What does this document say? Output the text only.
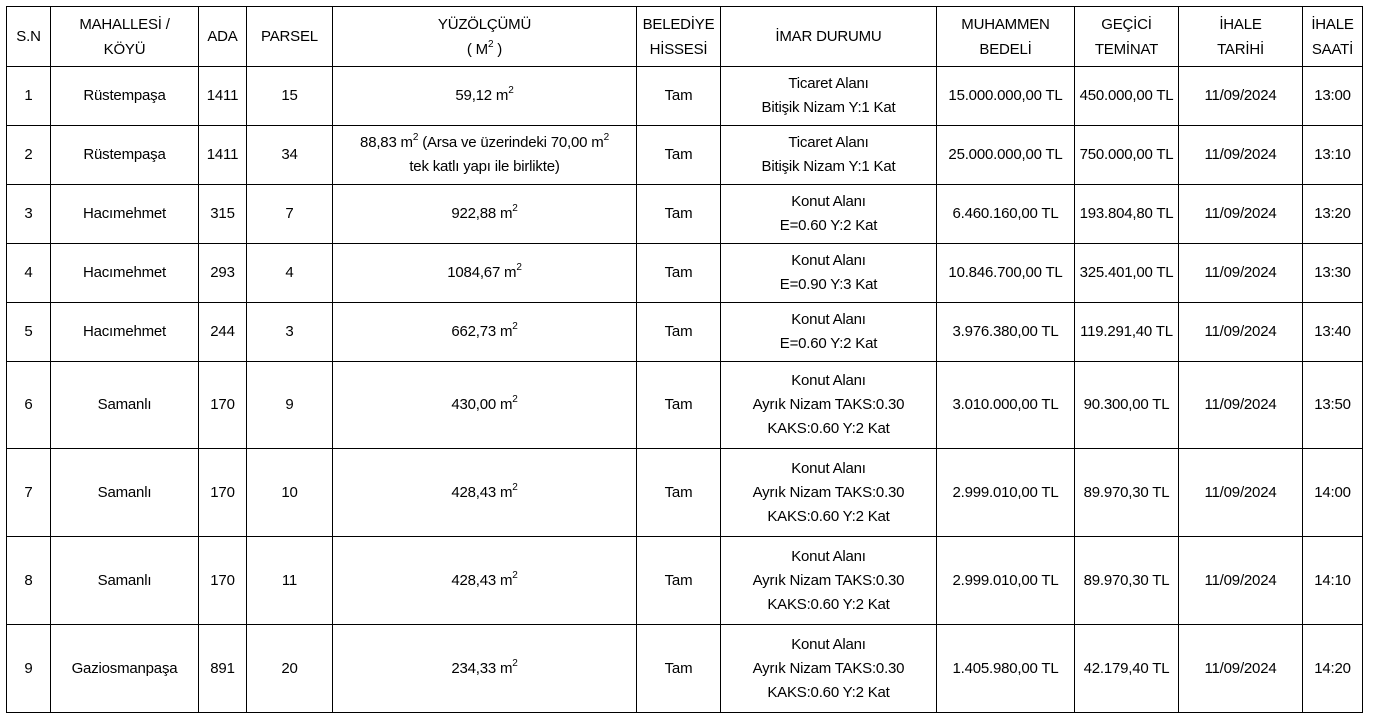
S.N	MAHALLESİ /
KÖYÜ	ADA	PARSEL	YÜZÖLÇÜMÜ
( $M^2$ )	BELEDİYE
HİSSESİ	İMAR DURUMU	MUHAMMEN
BEDELİ	GEÇİCİ
TEMİNAT	İHALE
TARİHİ	İHALE
SAATİ

1	Rüstempaşa	1411	15	59,12 $m^2$	Tam	Ticaret Alanı
Bitişik Nizam Y:1 Kat	15.000.000,00 TL	450.000,00 TL	11/09/2024	13:00
2	Rüstempaşa	1411	34	88,83 $m^2$ (Arsa ve üzerindeki 70,00 $m^2$
tek katlı yapı ile birlikte)	Tam	Ticaret Alanı
Bitişik Nizam Y:1 Kat	25.000.000,00 TL	750.000,00 TL	11/09/2024	13:10
3	Hacımehmet	315	7	922,88 $m^2$	Tam	Konut Alanı
E=0.60 Y:2 Kat	6.460.160,00 TL	193.804,80 TL	11/09/2024	13:20
4	Hacımehmet	293	4	1084,67 $m^2$	Tam	Konut Alanı
E=0.90 Y:3 Kat	10.846.700,00 TL	325.401,00 TL	11/09/2024	13:30
5	Hacımehmet	244	3	662,73 $m^2$	Tam	Konut Alanı
E=0.60 Y:2 Kat	3.976.380,00 TL	119.291,40 TL	11/09/2024	13:40
6	Samanlı	170	9	430,00 $m^2$	Tam	Konut Alanı
Ayrık Nizam TAKS:0.30
KAKS:0.60 Y:2 Kat	3.010.000,00 TL	90.300,00 TL	11/09/2024	13:50
7	Samanlı	170	10	428,43 $m^2$	Tam	Konut Alanı
Ayrık Nizam TAKS:0.30
KAKS:0.60 Y:2 Kat	2.999.010,00 TL	89.970,30 TL	11/09/2024	14:00
8	Samanlı	170	11	428,43 $m^2$	Tam	Konut Alanı
Ayrık Nizam TAKS:0.30
KAKS:0.60 Y:2 Kat	2.999.010,00 TL	89.970,30 TL	11/09/2024	14:10
9	Gaziosmanpaşa	891	20	234,33 $m^2$	Tam	Konut Alanı
Ayrık Nizam TAKS:0.30
KAKS:0.60 Y:2 Kat	1.405.980,00 TL	42.179,40 TL	11/09/2024	14:20
